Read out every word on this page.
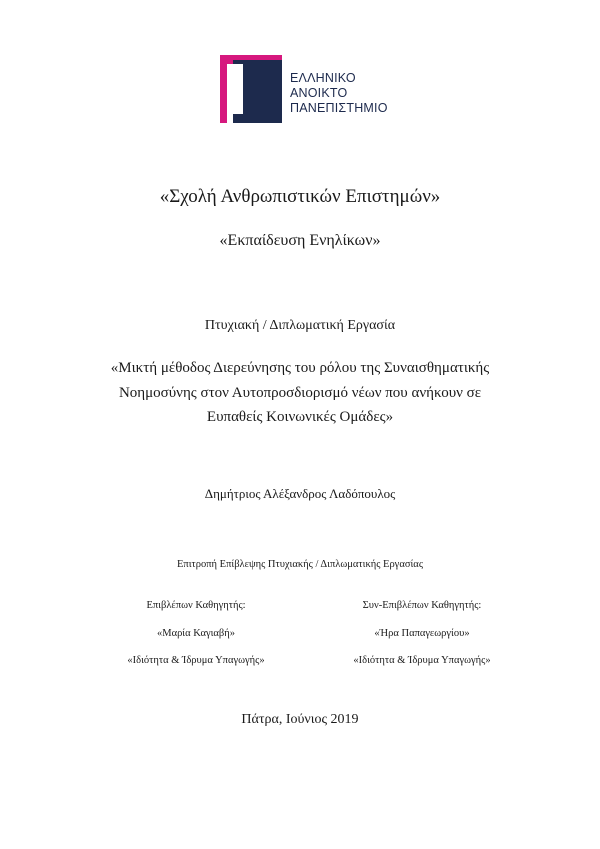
ΕΛΛΗΝΙΚΟ
ΑΝΟΙΚΤΟ
ΠΑΝΕΠΙΣΤΗΜΙΟ
«Σχολή Ανθρωπιστικών Επιστημών»
«Εκπαίδευση Ενηλίκων»
Πτυχιακή / Διπλωματική Εργασία
«Μικτή μέθοδος Διερεύνησης του ρόλου της Συναισθηματικής
Νοημοσύνης στον Αυτοπροσδιορισμό νέων που ανήκουν σε
Ευπαθείς Κοινωνικές Ομάδες»
Δημήτριος Αλέξανδρος Λαδόπουλος
Επιτροπή Επίβλεψης Πτυχιακής / Διπλωματικής Εργασίας
Επιβλέπων Καθηγητής:
«Μαρία Καγιαβή»
«Ιδιότητα & Ίδρυμα Υπαγωγής»
Συν-Επιβλέπων Καθηγητής:
«Ήρα Παπαγεωργίου»
«Ιδιότητα & Ίδρυμα Υπαγωγής»
Πάτρα, Ιούνιος 2019
